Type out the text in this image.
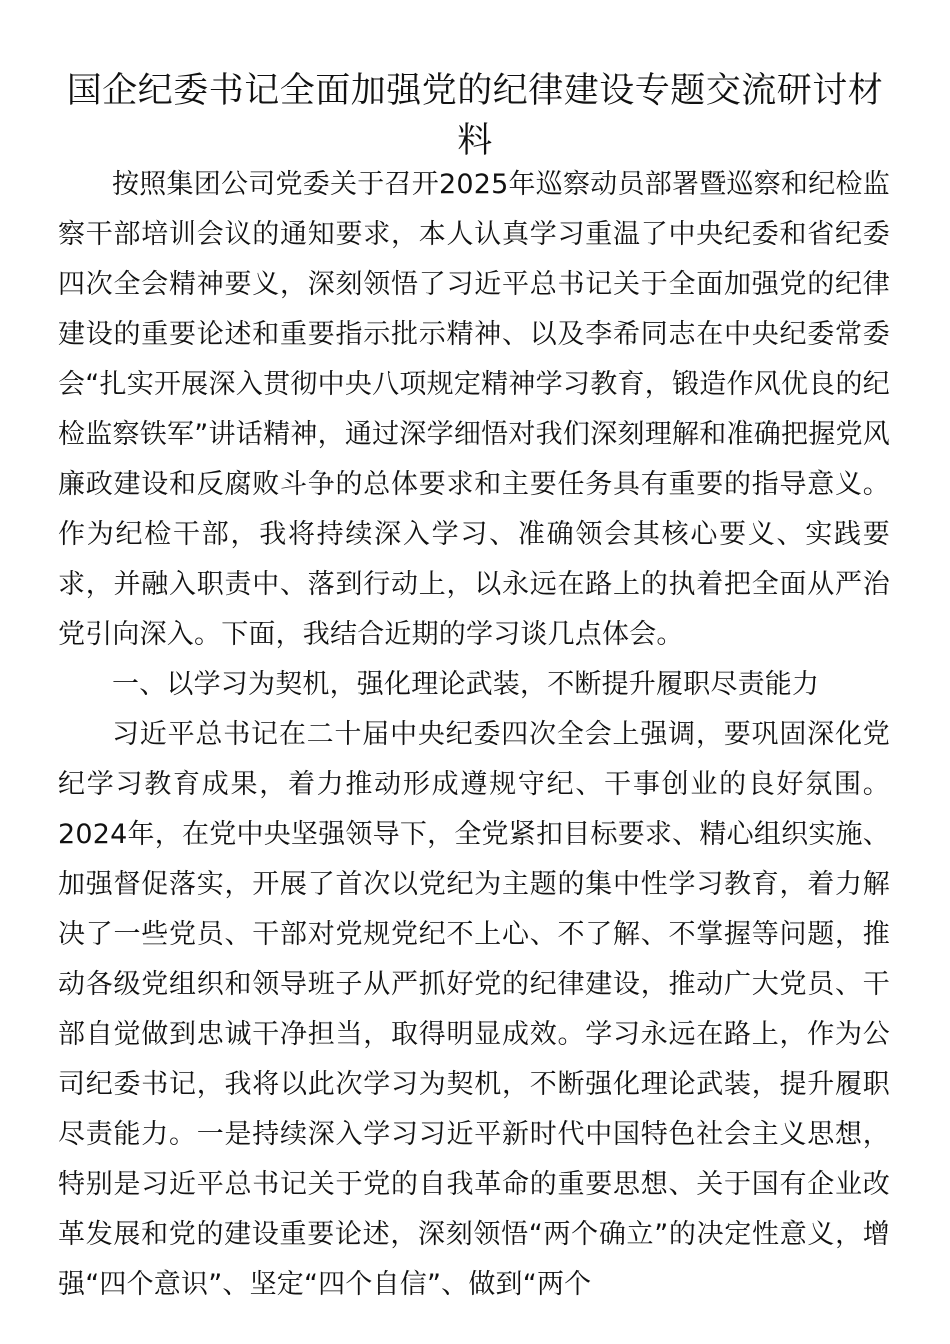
国企纪委书记全面加强党的纪律建设专题交流研讨材料

按照集团公司党委关于召开2025年巡察动员部署暨巡察和纪检监察干部培训会议的通知要求，本人认真学习重温了中央纪委和省纪委四次全会精神要义，深刻领悟了习近平总书记关于全面加强党的纪律建设的重要论述和重要指示批示精神、以及李希同志在中央纪委常委会“扎实开展深入贯彻中央八项规定精神学习教育，锻造作风优良的纪检监察铁军”讲话精神，通过深学细悟对我们深刻理解和准确把握党风廉政建设和反腐败斗争的总体要求和主要任务具有重要的指导意义。作为纪检干部，我将持续深入学习、准确领会其核心要义、实践要求，并融入职责中、落到行动上，以永远在路上的执着把全面从严治党引向深入。下面，我结合近期的学习谈几点体会。

一、以学习为契机，强化理论武装，不断提升履职尽责能力

习近平总书记在二十届中央纪委四次全会上强调，要巩固深化党纪学习教育成果，着力推动形成遵规守纪、干事创业的良好氛围。2024年，在党中央坚强领导下，全党紧扣目标要求、精心组织实施、加强督促落实，开展了首次以党纪为主题的集中性学习教育，着力解决了一些党员、干部对党规党纪不上心、不了解、不掌握等问题，推动各级党组织和领导班子从严抓好党的纪律建设，推动广大党员、干部自觉做到忠诚干净担当，取得明显成效。学习永远在路上，作为公司纪委书记，我将以此次学习为契机，不断强化理论武装，提升履职尽责能力。一是持续深入学习习近平新时代中国特色社会主义思想，特别是习近平总书记关于党的自我革命的重要思想、关于国有企业改革发展和党的建设重要论述，深刻领悟“两个确立”的决定性意义，增强“四个意识”、坚定“四个自信”、做到“两个
